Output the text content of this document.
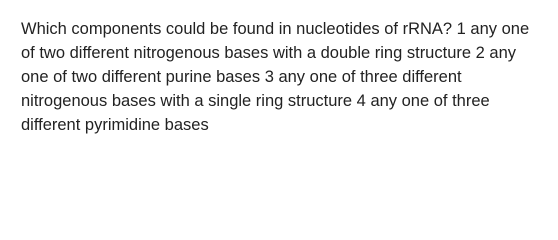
Which components could be found in nucleotides of rRNA? 1 any one of two different nitrogenous bases with a double ring structure 2 any one of two different purine bases 3 any one of three different nitrogenous bases with a single ring structure 4 any one of three different pyrimidine bases
